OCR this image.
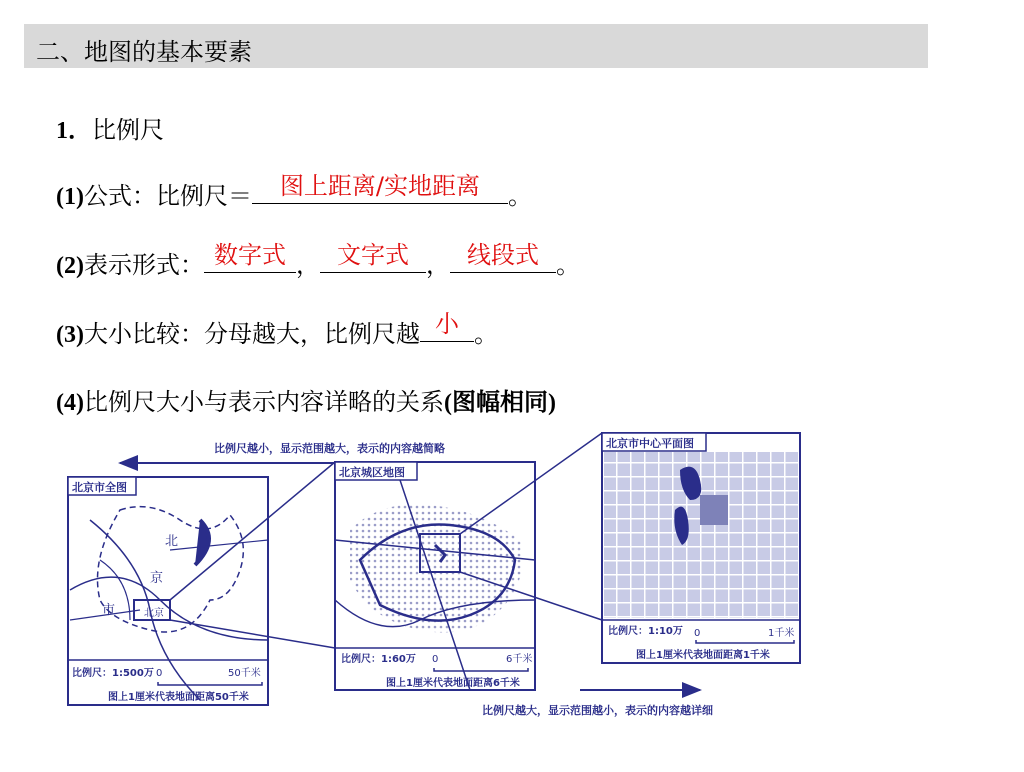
二、地图的基本要素
1．比例尺
(1)公式：比例尺＝	图上距离/实地距离	。
(2)表示形式： 数字式 ， 文字式 ， 线段式 。
(3)大小比较：分母越大，比例尺越 小 。
(4)比例尺大小与表示内容详略的关系(图幅相同)
比例尺越小，显示范围越大，表示的内容越简略
北京市全图
北
京
市	北京
比例尺：1:500万 0	50千米
图上1厘米代表地面距离50千米
北京城区地图
比例尺：1:60万 0	6千米
图上1厘米代表地面距离6千米
北京市中心平面图
比例尺：1:10万 0	1千米
图上1厘米代表地面距离1千米
比例尺越大，显示范围越小，表示的内容越详细
